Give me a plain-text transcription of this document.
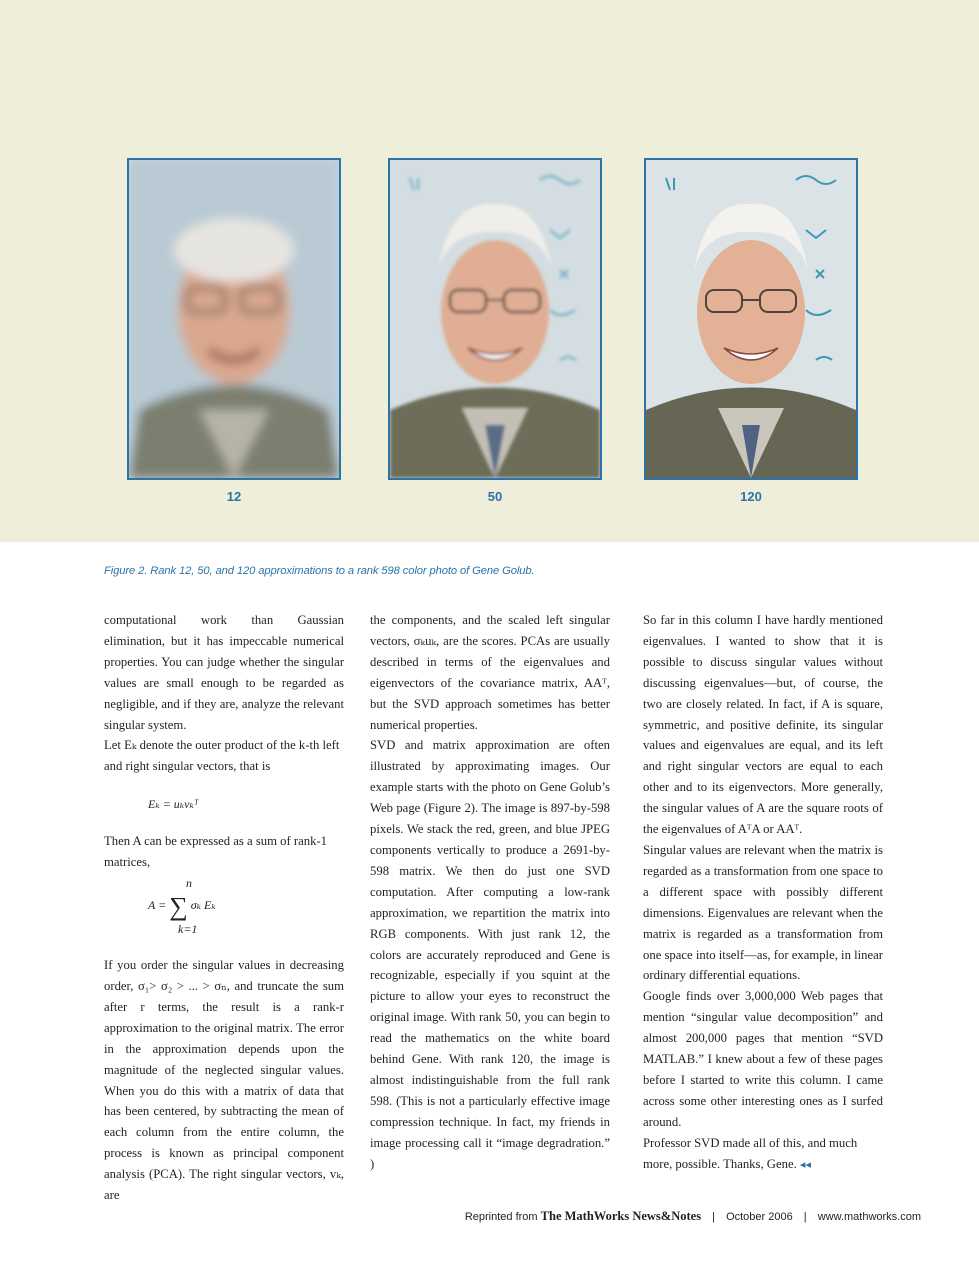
12	50	120
Figure 2. Rank 12, 50, and 120 approximations to a rank 598 color photo of Gene Golub.

computational work than Gaussian elimination, but it has impeccable numerical properties. You can judge whether the singular values are small enough to be regarded as negligible, and if they are, analyze the relevant singular system.

Let Eₖ denote the outer product of the k-th left and right singular vectors, that is

Eₖ = uₖvₖᵀ

Then A can be expressed as a sum of rank-1 matrices,

n
A = ∑ σₖ Eₖ
k=1

If you order the singular values in decreasing order, σ₁> σ₂ > ... > σₙ, and truncate the sum after r terms, the result is a rank-r approximation to the original matrix. The error in the approximation depends upon the magnitude of the neglected singular values. When you do this with a matrix of data that has been centered, by subtracting the mean of each column from the entire column, the process is known as principal component analysis (PCA). The right singular vectors, vₖ, are

the components, and the scaled left singular vectors, σₖuₖ, are the scores. PCAs are usually described in terms of the eigenvalues and eigenvectors of the covariance matrix, AAᵀ, but the SVD approach sometimes has better numerical properties.

SVD and matrix approximation are often illustrated by approximating images. Our example starts with the photo on Gene Golub’s Web page (Figure 2). The image is 897-by-598 pixels. We stack the red, green, and blue JPEG components vertically to produce a 2691-by-598 matrix. We then do just one SVD computation. After computing a low-rank approximation, we repartition the matrix into RGB components. With just rank 12, the colors are accurately reproduced and Gene is recognizable, especially if you squint at the picture to allow your eyes to reconstruct the original image. With rank 50, you can begin to read the mathematics on the white board behind Gene. With rank 120, the image is almost indistinguishable from the full rank 598. (This is not a particularly effective image compression technique. In fact, my friends in image processing call it “image degradration.” )

So far in this column I have hardly mentioned eigenvalues. I wanted to show that it is possible to discuss singular values without discussing eigenvalues—but, of course, the two are closely related. In fact, if A is square, symmetric, and positive definite, its singular values and eigenvalues are equal, and its left and right singular vectors are equal to each other and to its eigenvectors. More generally, the singular values of A are the square roots of the eigenvalues of AᵀA or AAᵀ.

Singular values are relevant when the matrix is regarded as a transformation from one space to a different space with possibly different dimensions. Eigenvalues are relevant when the matrix is regarded as a transformation from one space into itself—as, for example, in linear ordinary differential equations.

Google finds over 3,000,000 Web pages that mention “singular value decomposition” and almost 200,000 pages that mention “SVD MATLAB.” I knew about a few of these pages before I started to write this column. I came across some other interesting ones as I surfed around.

Professor SVD made all of this, and much more, possible. Thanks, Gene. ◂◂

Reprinted from The MathWorks News&Notes | October 2006 | www.mathworks.com
